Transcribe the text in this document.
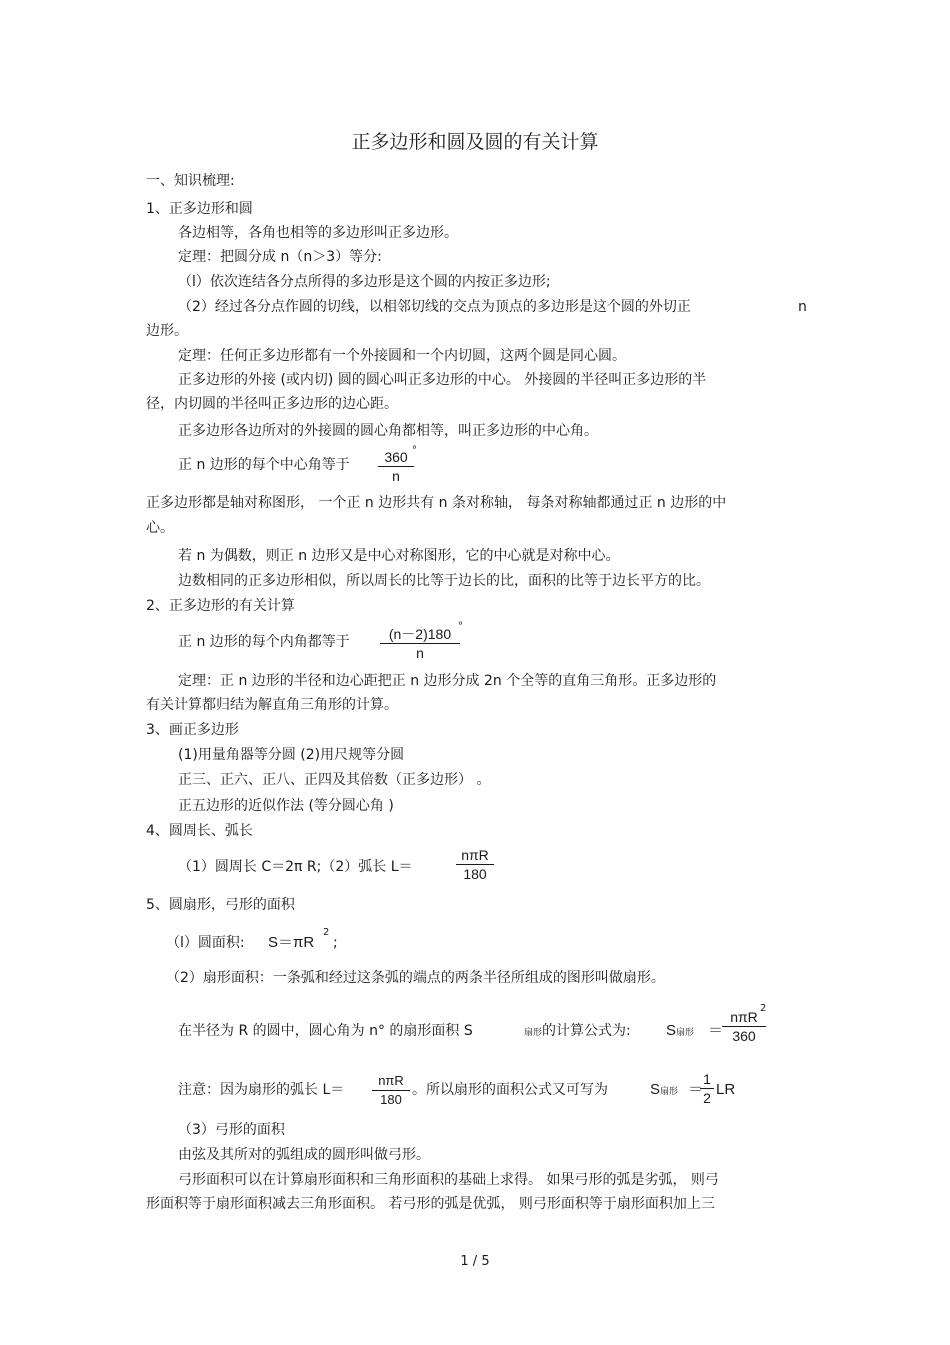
正多边形和圆及圆的有关计算
一、知识梳理:
1、正多边形和圆
各边相等，各角也相等的多边形叫正多边形。
定理：把圆分成 n（n＞3）等分:
（l）依次连结各分点所得的多边形是这个圆的内按正多边形;
（2）经过各分点作圆的切线，以相邻切线的交点为顶点的多边形是这个圆的外切正	n
边形。
定理：任何正多边形都有一个外接圆和一个内切圆，这两个圆是同心圆。
正多边形的外接 (或内切) 圆的圆心叫正多边形的中心。 外接圆的半径叫正多边形的半
径，内切圆的半径叫正多边形的边心距。
正多边形各边所对的外接圆的圆心角都相等，叫正多边形的中心角。
正 n 边形的每个中心角等于	360
n
°
正多边形都是轴对称图形， 一个正 n 边形共有 n 条对称轴， 每条对称轴都通过正 n 边形的中
心。
若 n 为偶数，则正 n 边形又是中心对称图形，它的中心就是对称中心。
边数相同的正多边形相似，所以周长的比等于边长的比，面积的比等于边长平方的比。
2、正多边形的有关计算
正 n 边形的每个内角都等于	(n－2)180
n
°
定理：正 n 边形的半径和边心距把正 n 边形分成 2n 个全等的直角三角形。正多边形的
有关计算都归结为解直角三角形的计算。
3、画正多边形
(1)用量角器等分圆 (2)用尺规等分圆
正三、正六、正八、正四及其倍数（正多边形） 。
正五边形的近似作法 (等分圆心角 )
4、圆周长、弧长
（1）圆周长 C＝2π R;（2）弧长 L＝
nπR
180
5、圆扇形，弓形的面积
（l）圆面积: S＝πR
2
;
（2）扇形面积：一条弧和经过这条弧的端点的两条半径所组成的图形叫做扇形。
在半径为 R 的圆中，圆心角为 n° 的扇形面积 S	扇形的计算公式为: S扇形 ＝
nπR
360
2
注意：因为扇形的弧长 L＝
nπR
180
。所以扇形的面积公式又可写为	S扇形 ＝
1
2 LR
（3）弓形的面积
由弦及其所对的弧组成的圆形叫做弓形。
弓形面积可以在计算扇形面积和三角形面积的基础上求得。 如果弓形的弧是劣弧， 则弓
形面积等于扇形面积减去三角形面积。 若弓形的弧是优弧， 则弓形面积等于扇形面积加上三
1 / 5
